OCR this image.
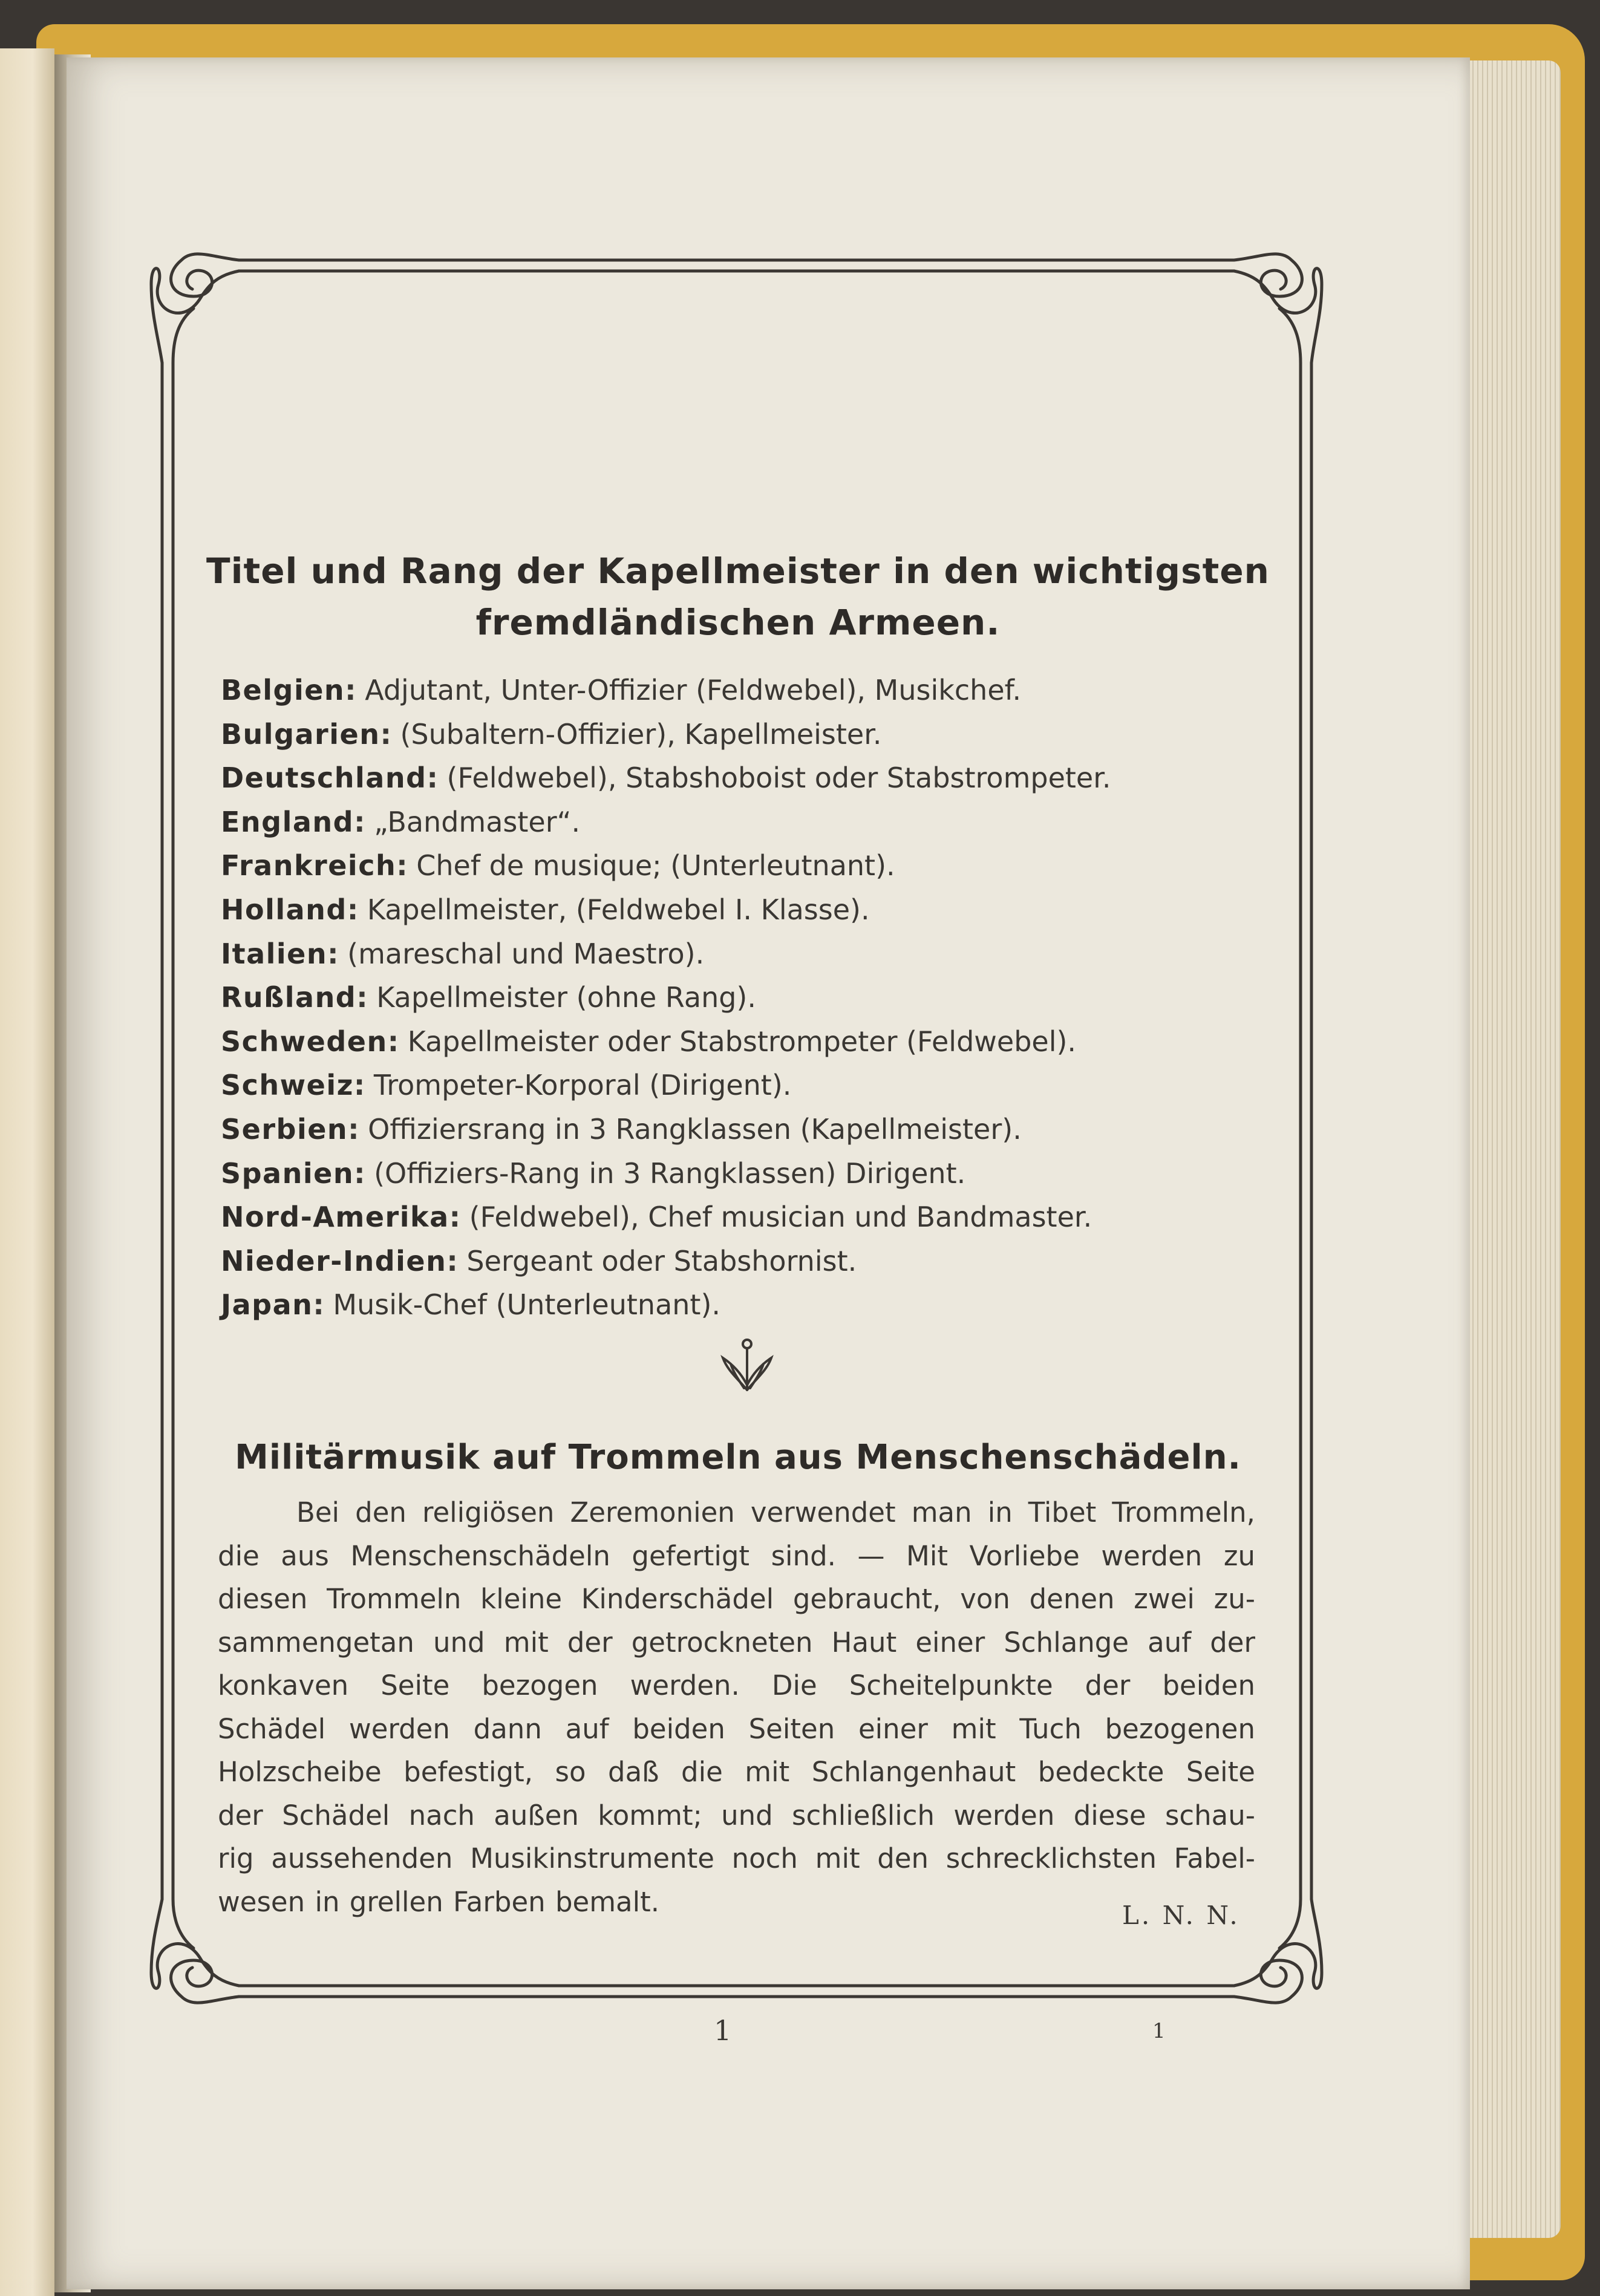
Titel und Rang der Kapellmeister in den wichtigsten
fremdländischen Armeen.
Belgien: Adjutant, Unter-Offizier (Feldwebel), Musikchef.
Bulgarien: (Subaltern-Offizier), Kapellmeister.
Deutschland: (Feldwebel), Stabshoboist oder Stabstrompeter.
England: „Bandmaster“.
Frankreich: Chef de musique; (Unterleutnant).
Holland: Kapellmeister, (Feldwebel I. Klasse).
Italien: (mareschal und Maestro).
Rußland: Kapellmeister (ohne Rang).
Schweden: Kapellmeister oder Stabstrompeter (Feldwebel).
Schweiz: Trompeter-Korporal (Dirigent).
Serbien: Offiziersrang in 3 Rangklassen (Kapellmeister).
Spanien: (Offiziers-Rang in 3 Rangklassen) Dirigent.
Nord-Amerika: (Feldwebel), Chef musician und Bandmaster.
Nieder-Indien: Sergeant oder Stabshornist.
Japan: Musik-Chef (Unterleutnant).
Militärmusik auf Trommeln aus Menschenschädeln.
Bei den religiösen Zeremonien verwendet man in Tibet Trommeln,
die aus Menschenschädeln gefertigt sind. — Mit Vorliebe werden zu
diesen Trommeln kleine Kinderschädel gebraucht, von denen zwei zu-
sammengetan und mit der getrockneten Haut einer Schlange auf der
konkaven Seite bezogen werden. Die Scheitelpunkte der beiden
Schädel werden dann auf beiden Seiten einer mit Tuch bezogenen
Holzscheibe befestigt, so daß die mit Schlangenhaut bedeckte Seite
der Schädel nach außen kommt; und schließlich werden diese schau-
rig aussehenden Musikinstrumente noch mit den schrecklichsten Fabel-
wesen in grellen Farben bemalt.	L. N. N.
1	1
